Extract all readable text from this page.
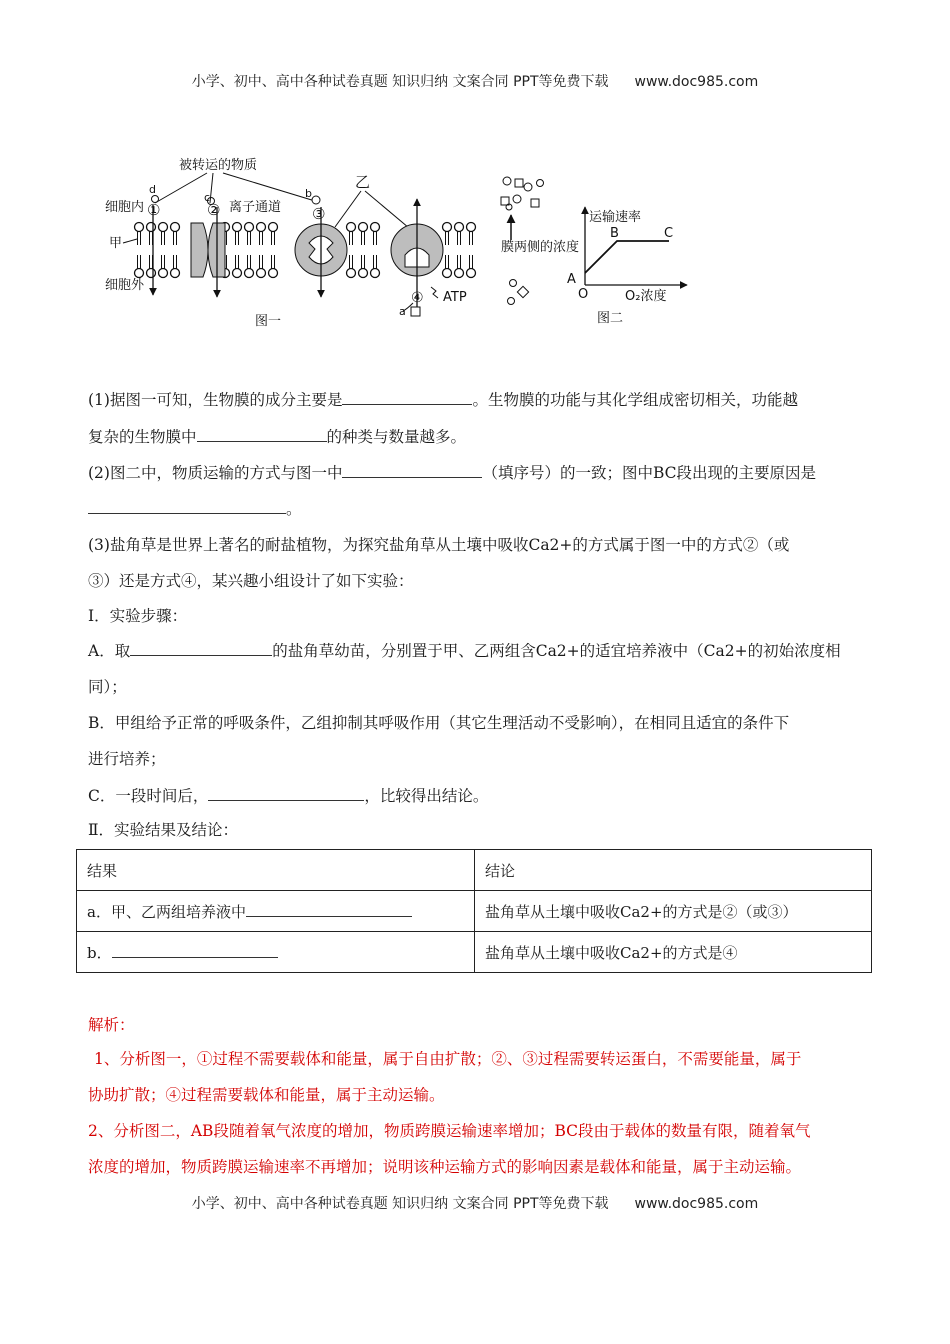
小学、初中、高中各种试卷真题 知识归纳 文案合同 PPT等免费下载 www.doc985.com
被转运的物质
d
c	b
细胞内 ①	② 离子通道 ③
乙
甲
细胞外
a
④ ATP
图一
膜两侧的浓度
运输速率
A
B	C
O	O₂浓度
图二
(1)据图一可知，生物膜的成分主要是	。生物膜的功能与其化学组成密切相关，功能越
复杂的生物膜中	的种类与数量越多。
(2)图二中，物质运输的方式与图一中	（填序号）的一致；图中BC段出现的主要原因是
。
(3)盐角草是世界上著名的耐盐植物，为探究盐角草从土壤中吸收Ca2+的方式属于图一中的方式②（或
③）还是方式④，某兴趣小组设计了如下实验：
Ⅰ．实验步骤：
A．取	的盐角草幼苗，分别置于甲、乙两组含Ca2+的适宜培养液中（Ca2+的初始浓度相
同）；
B．甲组给予正常的呼吸条件，乙组抑制其呼吸作用（其它生理活动不受影响），在相同且适宜的条件下
进行培养；
C．一段时间后，	，比较得出结论。
Ⅱ．实验结果及结论：
结果	结论
a．甲、乙两组培养液中	盐角草从土壤中吸收Ca2+的方式是②（或③）
b．	盐角草从土壤中吸收Ca2+的方式是④
解析：
1、分析图一，①过程不需要载体和能量，属于自由扩散；②、③过程需要转运蛋白，不需要能量，属于
协助扩散；④过程需要载体和能量，属于主动运输。
2、分析图二，AB段随着氧气浓度的增加，物质跨膜运输速率增加；BC段由于载体的数量有限，随着氧气
浓度的增加，物质跨膜运输速率不再增加；说明该种运输方式的影响因素是载体和能量，属于主动运输。
小学、初中、高中各种试卷真题 知识归纳 文案合同 PPT等免费下载 www.doc985.com
